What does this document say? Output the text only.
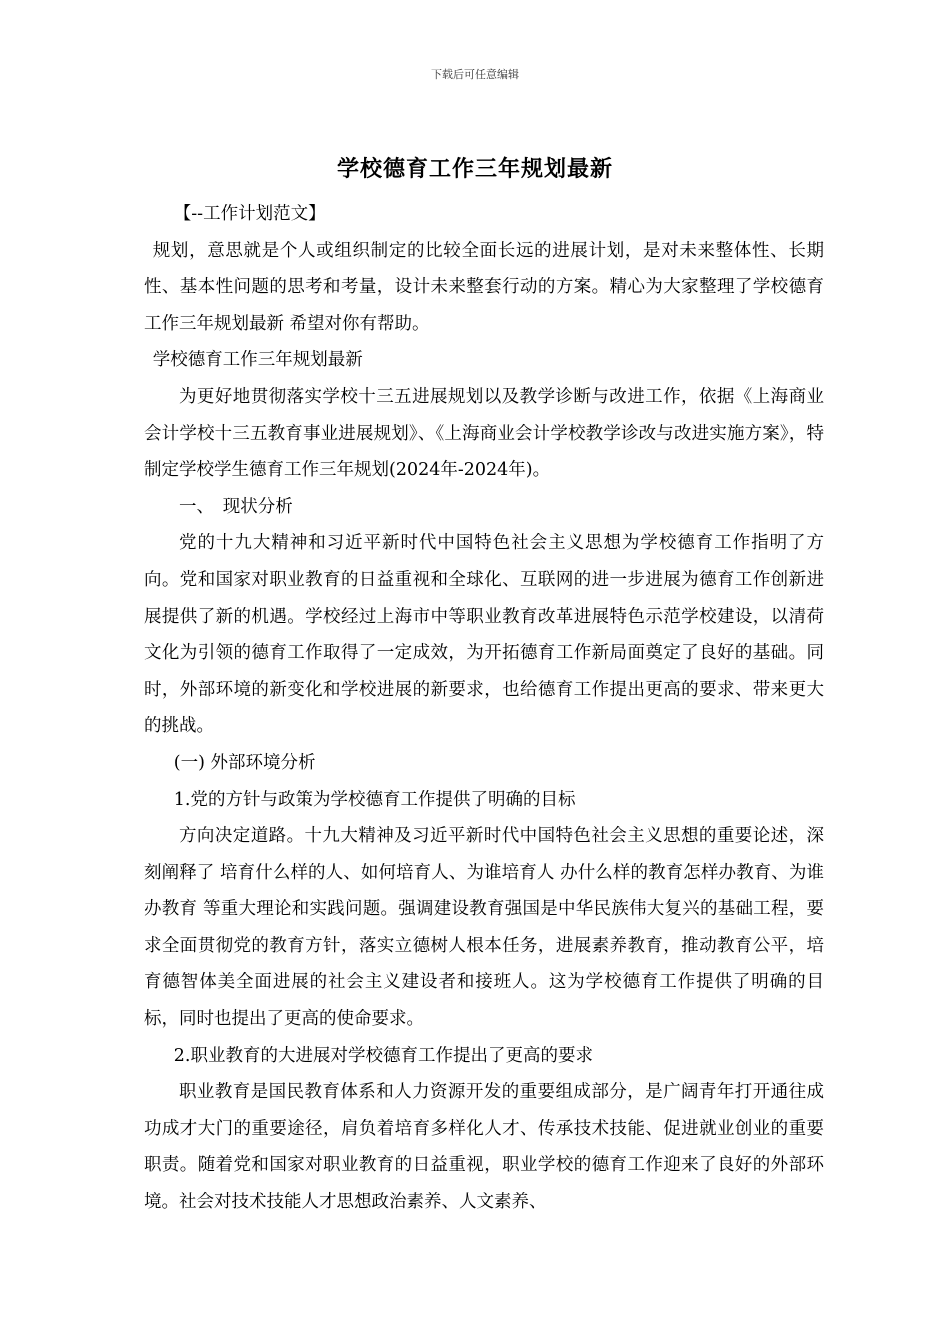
下载后可任意编辑
学校德育工作三年规划最新

【--工作计划范文】

规划，意思就是个人或组织制定的比较全面长远的进展计划，是对未来整体性、长期性、基本性问题的思考和考量，设计未来整套行动的方案。精心为大家整理了学校德育工作三年规划最新 希望对你有帮助。

学校德育工作三年规划最新

为更好地贯彻落实学校十三五进展规划以及教学诊断与改进工作，依据《上海商业会计学校十三五教育事业进展规划》、《上海商业会计学校教学诊改与改进实施方案》，特制定学校学生德育工作三年规划(2024年-2024年)。

一、　现状分析

党的十九大精神和习近平新时代中国特色社会主义思想为学校德育工作指明了方向。党和国家对职业教育的日益重视和全球化、互联网的进一步进展为德育工作创新进展提供了新的机遇。学校经过上海市中等职业教育改革进展特色示范学校建设，以清荷文化为引领的德育工作取得了一定成效，为开拓德育工作新局面奠定了良好的基础。同时，外部环境的新变化和学校进展的新要求，也给德育工作提出更高的要求、带来更大的挑战。

(一) 外部环境分析

1.党的方针与政策为学校德育工作提供了明确的目标

方向决定道路。十九大精神及习近平新时代中国特色社会主义思想的重要论述，深刻阐释了 培育什么样的人、如何培育人、为谁培育人 办什么样的教育怎样办教育、为谁办教育 等重大理论和实践问题。强调建设教育强国是中华民族伟大复兴的基础工程，要求全面贯彻党的教育方针，落实立德树人根本任务，进展素养教育，推动教育公平，培育德智体美全面进展的社会主义建设者和接班人。这为学校德育工作提供了明确的目标，同时也提出了更高的使命要求。

2.职业教育的大进展对学校德育工作提出了更高的要求

职业教育是国民教育体系和人力资源开发的重要组成部分，是广阔青年打开通往成功成才大门的重要途径，肩负着培育多样化人才、传承技术技能、促进就业创业的重要职责。随着党和国家对职业教育的日益重视，职业学校的德育工作迎来了良好的外部环境。社会对技术技能人才思想政治素养、人文素养、
